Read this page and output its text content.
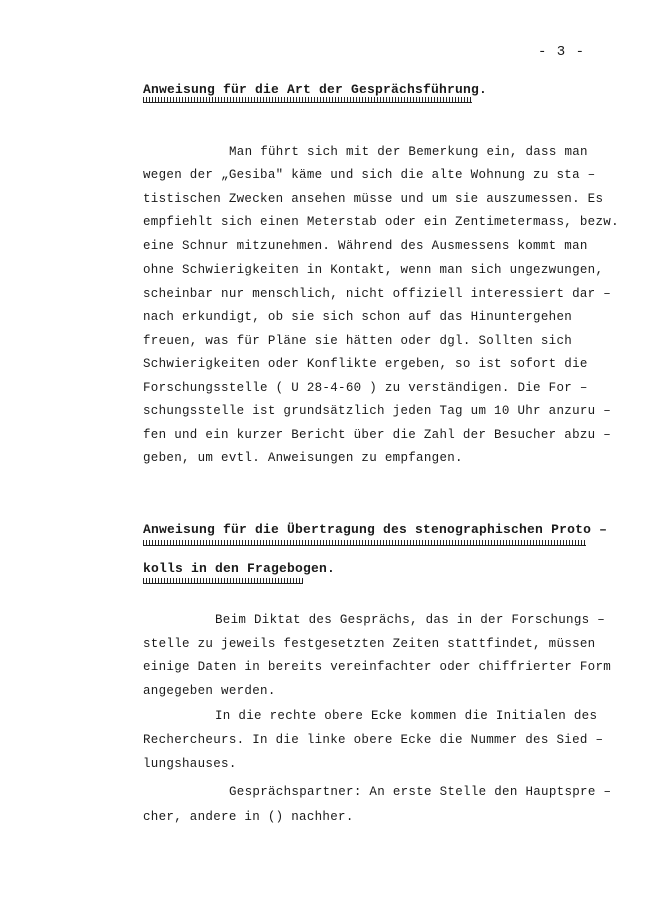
- 3 -
Anweisung für die Art der Gesprächsführung.
Man führt sich mit der Bemerkung ein, dass man
wegen der „Gesiba" käme und sich die alte Wohnung zu sta –
tistischen Zwecken ansehen müsse und um sie auszumessen. Es
empfiehlt sich einen Meterstab oder ein Zentimetermass, bezw.
eine Schnur mitzunehmen. Während des Ausmessens kommt man
ohne Schwierigkeiten in Kontakt, wenn man sich ungezwungen,
scheinbar nur menschlich, nicht offiziell interessiert dar –
nach erkundigt, ob sie sich schon auf das Hinuntergehen
freuen, was für Pläne sie hätten oder dgl. Sollten sich
Schwierigkeiten oder Konflikte ergeben, so ist sofort die
Forschungsstelle ( U 28-4-60 ) zu verständigen. Die For –
schungsstelle ist grundsätzlich jeden Tag um 10 Uhr anzuru –
fen und ein kurzer Bericht über die Zahl der Besucher abzu –
geben, um evtl. Anweisungen zu empfangen.
Anweisung für die Übertragung des stenographischen Proto –
kolls in den Fragebogen.
Beim Diktat des Gesprächs, das in der Forschungs –
stelle zu jeweils festgesetzten Zeiten stattfindet, müssen
einige Daten in bereits vereinfachter oder chiffrierter Form
angegeben werden.
In die rechte obere Ecke kommen die Initialen des
Rechercheurs. In die linke obere Ecke die Nummer des Sied –
lungshauses.
Gesprächspartner: An erste Stelle den Hauptspre –
cher, andere in () nachher.
